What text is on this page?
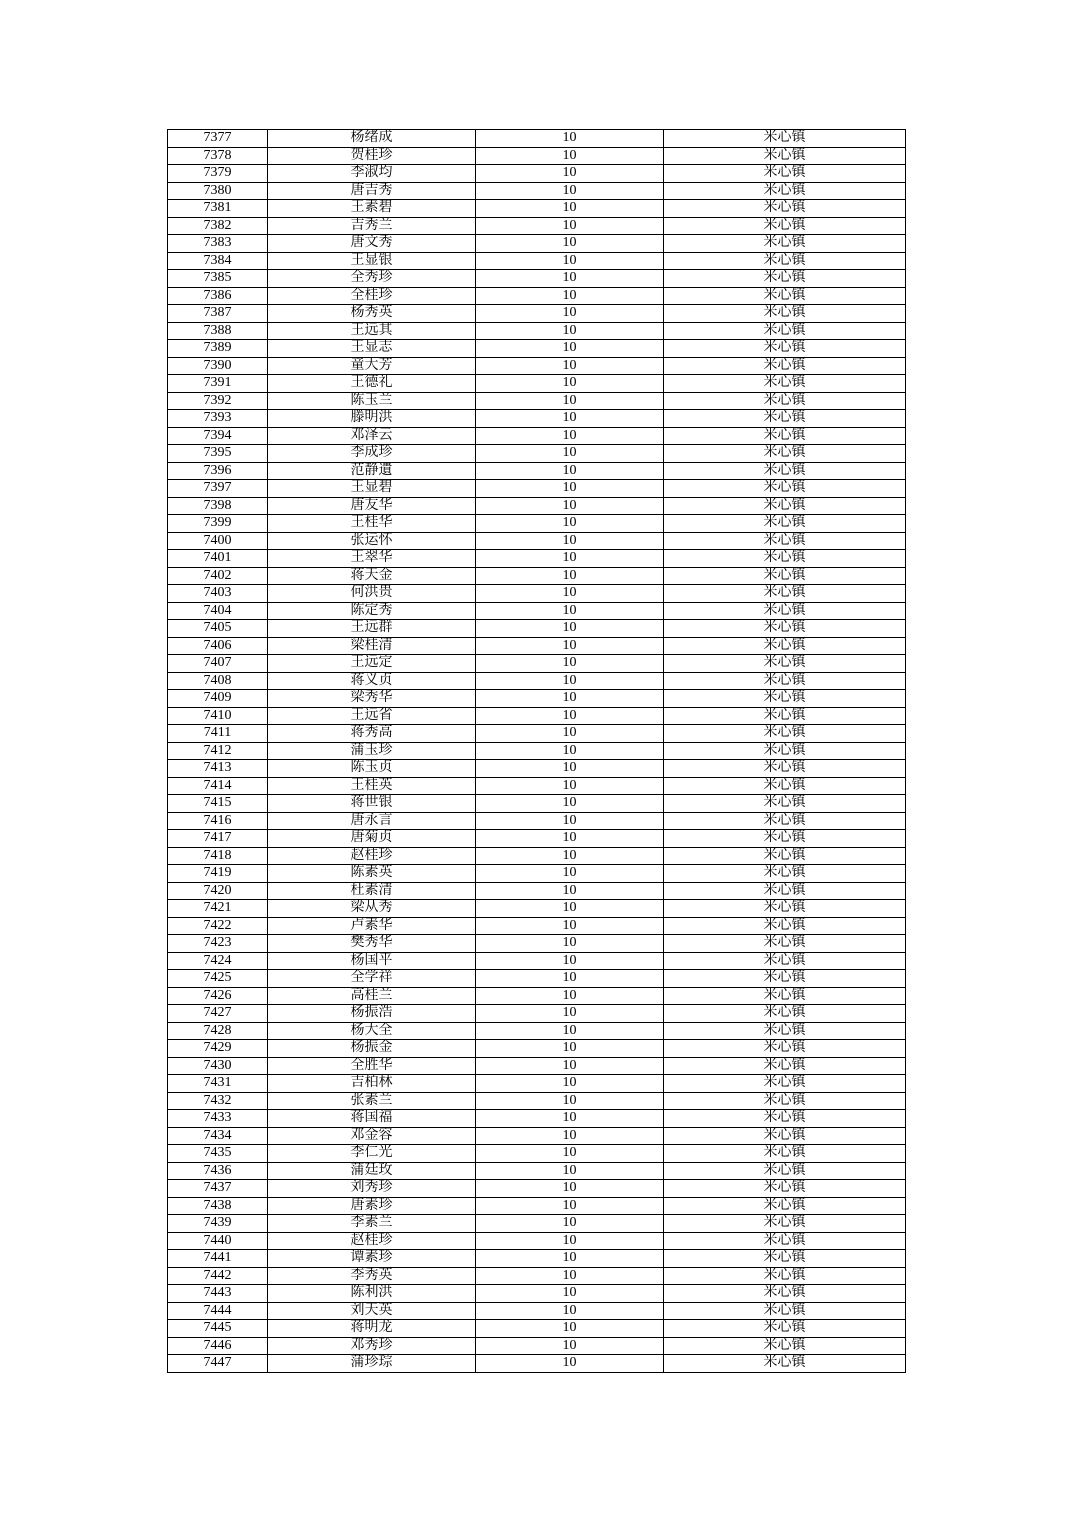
7377	杨绪成	10	米心镇
7378	贺桂珍	10	米心镇
7379	李淑均	10	米心镇
7380	唐吉秀	10	米心镇
7381	王素碧	10	米心镇
7382	吉秀兰	10	米心镇
7383	唐文秀	10	米心镇
7384	王显银	10	米心镇
7385	全秀珍	10	米心镇
7386	全桂珍	10	米心镇
7387	杨秀英	10	米心镇
7388	王远其	10	米心镇
7389	王显志	10	米心镇
7390	童大芳	10	米心镇
7391	王德礼	10	米心镇
7392	陈玉兰	10	米心镇
7393	滕明洪	10	米心镇
7394	邓泽云	10	米心镇
7395	李成珍	10	米心镇
7396	范静遺	10	米心镇
7397	王显碧	10	米心镇
7398	唐友华	10	米心镇
7399	王桂华	10	米心镇
7400	张运怀	10	米心镇
7401	王翠华	10	米心镇
7402	蒋天金	10	米心镇
7403	何洪贵	10	米心镇
7404	陈定秀	10	米心镇
7405	王远群	10	米心镇
7406	梁桂清	10	米心镇
7407	王远定	10	米心镇
7408	蒋义贞	10	米心镇
7409	梁秀华	10	米心镇
7410	王远省	10	米心镇
7411	蒋秀高	10	米心镇
7412	蒲玉珍	10	米心镇
7413	陈玉贞	10	米心镇
7414	王桂英	10	米心镇
7415	蒋世银	10	米心镇
7416	唐永言	10	米心镇
7417	唐菊贞	10	米心镇
7418	赵桂珍	10	米心镇
7419	陈素英	10	米心镇
7420	杜素清	10	米心镇
7421	梁从秀	10	米心镇
7422	卢素华	10	米心镇
7423	樊秀华	10	米心镇
7424	杨国平	10	米心镇
7425	全学祥	10	米心镇
7426	高桂兰	10	米心镇
7427	杨振浩	10	米心镇
7428	杨大全	10	米心镇
7429	杨振金	10	米心镇
7430	全胜华	10	米心镇
7431	吉柏林	10	米心镇
7432	张素兰	10	米心镇
7433	蒋国福	10	米心镇
7434	邓金容	10	米心镇
7435	李仁光	10	米心镇
7436	蒲廷玫	10	米心镇
7437	刘秀珍	10	米心镇
7438	唐素珍	10	米心镇
7439	李素兰	10	米心镇
7440	赵桂珍	10	米心镇
7441	谭素珍	10	米心镇
7442	李秀英	10	米心镇
7443	陈利洪	10	米心镇
7444	刘天英	10	米心镇
7445	蒋明龙	10	米心镇
7446	邓秀珍	10	米心镇
7447	蒲珍琮	10	米心镇
